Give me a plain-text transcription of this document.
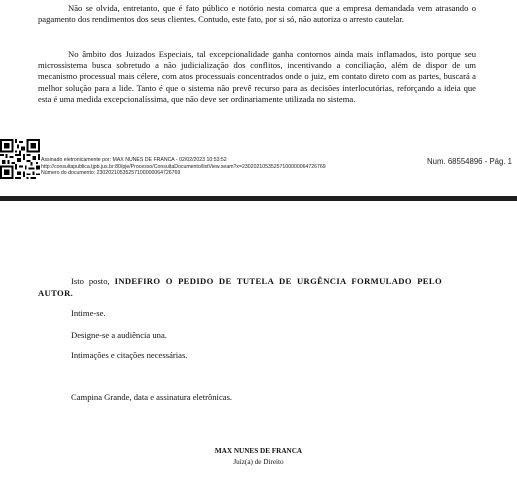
Não se olvida, entretanto, que é fato público e notório nesta comarca que a empresa demandada vem atrasando o pagamento dos rendimentos dos seus clientes. Contudo, este fato, por si só, não autoriza o arresto cautelar.

No âmbito dos Juizados Especiais, tal excepcionalidade ganha contornos ainda mais inflamados, isto porque seu microssistema busca sobretudo a não judicialização dos conflitos, incentivando a conciliação, além de dispor de um mecanismo processual mais célere, com atos processuais concentrados onde o juiz, em contato direto com as partes, buscará a melhor solução para a lide. Tanto é que o sistema não prevê recurso para as decisões interlocutórias, reforçando a ideia que esta é uma medida excepcionalíssima, que não deve ser ordinariamente utilizada no sistema.

Assinado eletronicamente por: MAX NUNES DE FRANCA - 02/02/2023 10:53:52
http://consultapublica.tjpb.jus.br:80/pje/Processo/ConsultaDocumento/listView.seam?x=23020210535257100000064726769
Número do documento: 23020210535257100000064726769
Num. 68554896 - Pág. 1

Isto posto, INDEFIRO O PEDIDO DE TUTELA DE URGÊNCIA FORMULADO PELO AUTOR.

Intime-se.

Designe-se a audiência una.

Intimações e citações necessárias.

Campina Grande, data e assinatura eletrônicas.

MAX NUNES DE FRANCA

Juiz(a) de Direito
